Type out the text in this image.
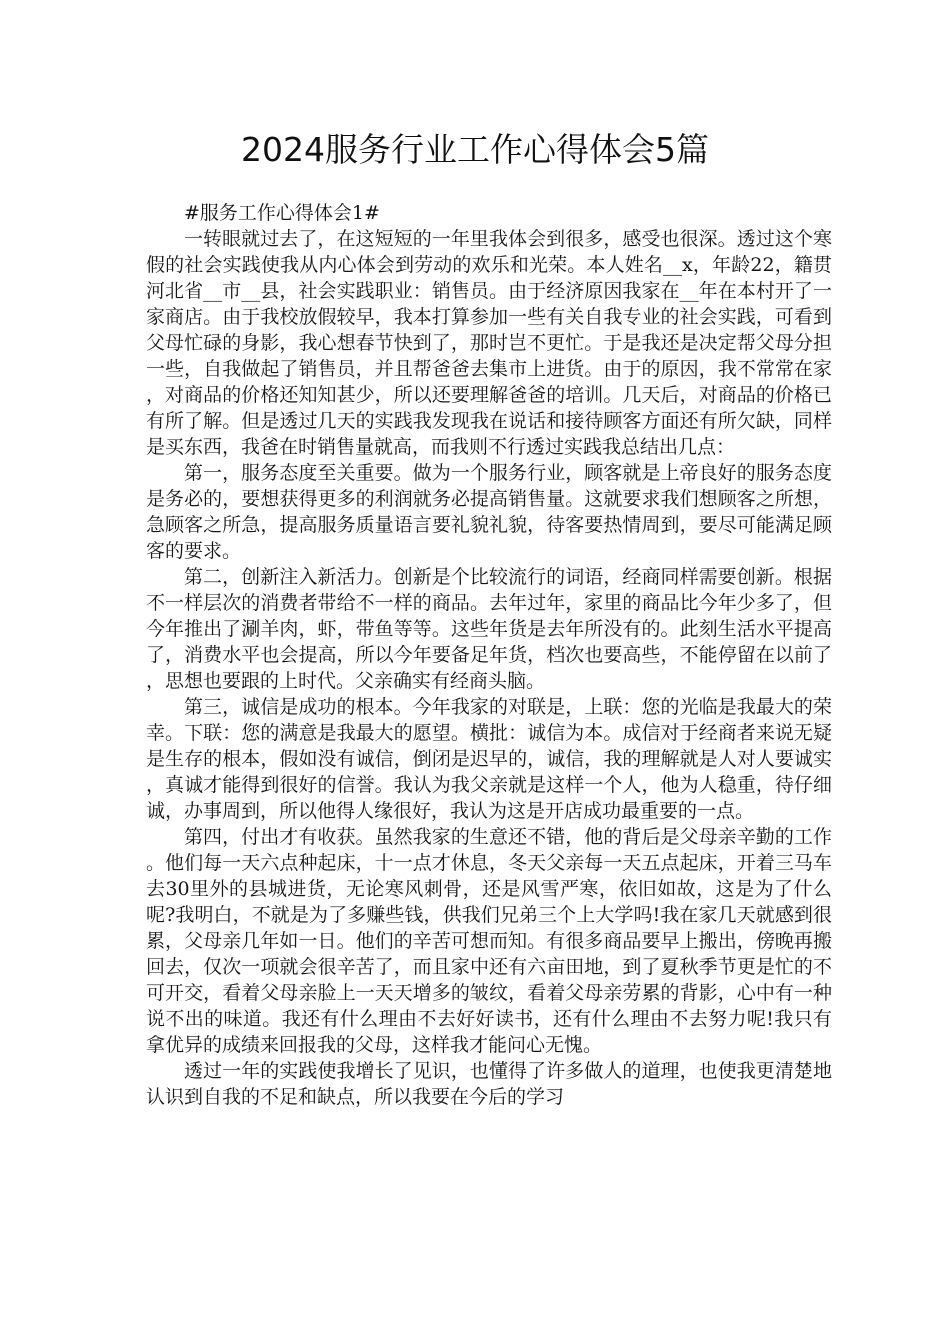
2024服务行业工作心得体会5篇

#服务工作心得体会1#

一转眼就过去了，在这短短的一年里我体会到很多，感受也很深。透过这个寒假的社会实践使我从内心体会到劳动的欢乐和光荣。本人姓名__x，年龄22，籍贯河北省__市__县，社会实践职业：销售员。由于经济原因我家在__年在本村开了一家商店。由于我校放假较早，我本打算参加一些有关自我专业的社会实践，可看到父母忙碌的身影，我心想春节快到了，那时岂不更忙。于是我还是决定帮父母分担一些，自我做起了销售员，并且帮爸爸去集市上进货。由于的原因，我不常常在家，对商品的价格还知知甚少，所以还要理解爸爸的培训。几天后，对商品的价格已有所了解。但是透过几天的实践我发现我在说话和接待顾客方面还有所欠缺，同样是买东西，我爸在时销售量就高，而我则不行透过实践我总结出几点：

第一，服务态度至关重要。做为一个服务行业，顾客就是上帝良好的服务态度是务必的，要想获得更多的利润就务必提高销售量。这就要求我们想顾客之所想，急顾客之所急，提高服务质量语言要礼貌礼貌，待客要热情周到，要尽可能满足顾客的要求。

第二，创新注入新活力。创新是个比较流行的词语，经商同样需要创新。根据不一样层次的消费者带给不一样的商品。去年过年，家里的商品比今年少多了，但今年推出了涮羊肉，虾，带鱼等等。这些年货是去年所没有的。此刻生活水平提高了，消费水平也会提高，所以今年要备足年货，档次也要高些，不能停留在以前了，思想也要跟的上时代。父亲确实有经商头脑。

第三，诚信是成功的根本。今年我家的对联是，上联：您的光临是我最大的荣幸。下联：您的满意是我最大的愿望。横批：诚信为本。成信对于经商者来说无疑是生存的根本，假如没有诚信，倒闭是迟早的，诚信，我的理解就是人对人要诚实，真诚才能得到很好的信誉。我认为我父亲就是这样一个人，他为人稳重，待仔细诚，办事周到，所以他得人缘很好，我认为这是开店成功最重要的一点。

第四，付出才有收获。虽然我家的生意还不错，他的背后是父母亲辛勤的工作。他们每一天六点种起床，十一点才休息，冬天父亲每一天五点起床，开着三马车去30里外的县城进货，无论寒风刺骨，还是风雪严寒，依旧如故，这是为了什么呢?我明白，不就是为了多赚些钱，供我们兄弟三个上大学吗!我在家几天就感到很累，父母亲几年如一日。他们的辛苦可想而知。有很多商品要早上搬出，傍晚再搬回去，仅次一项就会很辛苦了，而且家中还有六亩田地，到了夏秋季节更是忙的不可开交，看着父母亲脸上一天天增多的皱纹，看着父母亲劳累的背影，心中有一种说不出的味道。我还有什么理由不去好好读书，还有什么理由不去努力呢!我只有拿优异的成绩来回报我的父母，这样我才能问心无愧。

透过一年的实践使我增长了见识，也懂得了许多做人的道理，也使我更清楚地认识到自我的不足和缺点，所以我要在今后的学习
